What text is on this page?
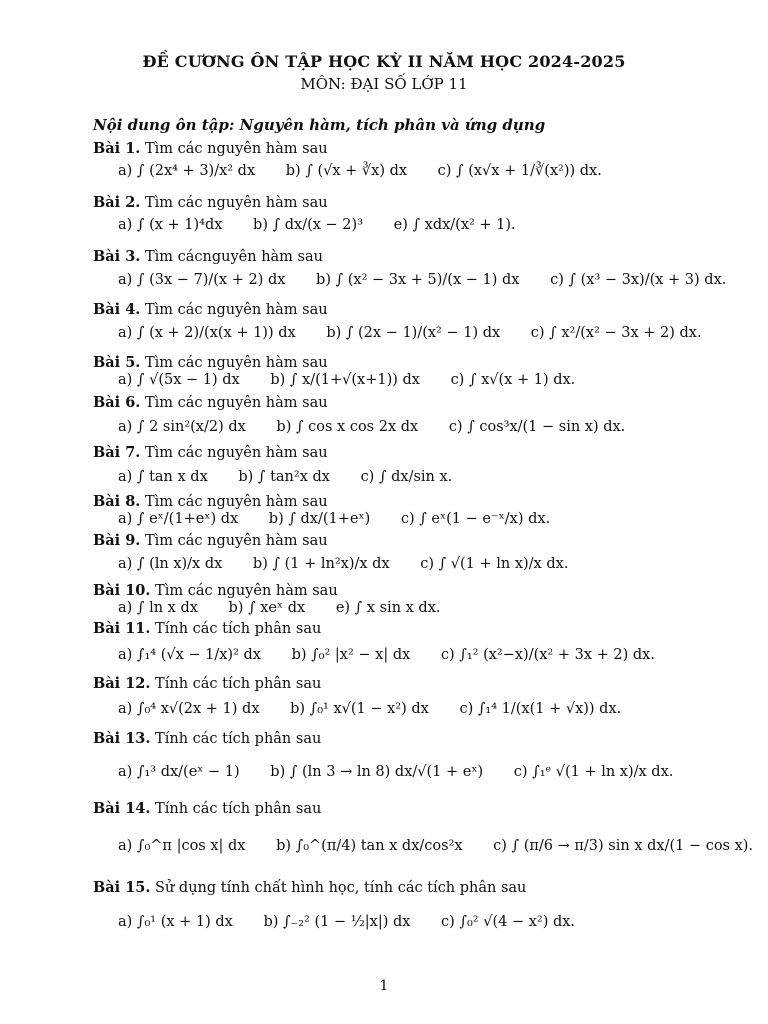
ĐỀ CƯƠNG ÔN TẬP HỌC KỲ II NĂM HỌC 2024-2025
MÔN: ĐẠI SỐ LỚP 11
Nội dung ôn tập: Nguyên hàm, tích phân và ứng dụng
Bài 1. Tìm các nguyên hàm sau
a) ∫ (2x⁴ + 3)/x² dx b) ∫ (√x + ∛x) dx c) ∫ (x√x + 1/∛(x²)) dx.
Bài 2. Tìm các nguyên hàm sau
a) ∫ (x + 1)⁴dx b) ∫ dx/(x − 2)³ e) ∫ xdx/(x² + 1).
Bài 3. Tìm cácnguyên hàm sau
a) ∫ (3x − 7)/(x + 2) dx b) ∫ (x² − 3x + 5)/(x − 1) dx c) ∫ (x³ − 3x)/(x + 3) dx.
Bài 4. Tìm các nguyên hàm sau
a) ∫ (x + 2)/(x(x + 1)) dx b) ∫ (2x − 1)/(x² − 1) dx c) ∫ x²/(x² − 3x + 2) dx.
Bài 5. Tìm các nguyên hàm sau
a) ∫ √(5x − 1) dx b) ∫ x/(1+√(x+1)) dx c) ∫ x√(x + 1) dx.
Bài 6. Tìm các nguyên hàm sau
a) ∫ 2 sin²(x/2) dx b) ∫ cos x cos 2x dx c) ∫ cos³x/(1 − sin x) dx.
Bài 7. Tìm các nguyên hàm sau
a) ∫ tan x dx b) ∫ tan²x dx c) ∫ dx/sin x.
Bài 8. Tìm các nguyên hàm sau
a) ∫ eˣ/(1+eˣ) dx b) ∫ dx/(1+eˣ) c) ∫ eˣ(1 − e⁻ˣ/x) dx.
Bài 9. Tìm các nguyên hàm sau
a) ∫ (ln x)/x dx b) ∫ (1 + ln²x)/x dx c) ∫ √(1 + ln x)/x dx.
Bài 10. Tìm các nguyên hàm sau
a) ∫ ln x dx b) ∫ xeˣ dx e) ∫ x sin x dx.
Bài 11. Tính các tích phân sau
a) ∫₁⁴ (√x − 1/x)² dx b) ∫₀² |x² − x| dx c) ∫₁² (x²−x)/(x² + 3x + 2) dx.
Bài 12. Tính các tích phân sau
a) ∫₀⁴ x√(2x + 1) dx b) ∫₀¹ x√(1 − x²) dx c) ∫₁⁴ 1/(x(1 + √x)) dx.
Bài 13. Tính các tích phân sau
a) ∫₁³ dx/(eˣ − 1) b) ∫ (ln 3 → ln 8) dx/√(1 + eˣ) c) ∫₁ᵉ √(1 + ln x)/x dx.
Bài 14. Tính các tích phân sau
a) ∫₀^π |cos x| dx b) ∫₀^(π/4) tan x dx/cos²x c) ∫ (π/6 → π/3) sin x dx/(1 − cos x).
Bài 15. Sử dụng tính chất hình học, tính các tích phân sau
a) ∫₀¹ (x + 1) dx b) ∫₋₂² (1 − ½|x|) dx c) ∫₀² √(4 − x²) dx.
1
